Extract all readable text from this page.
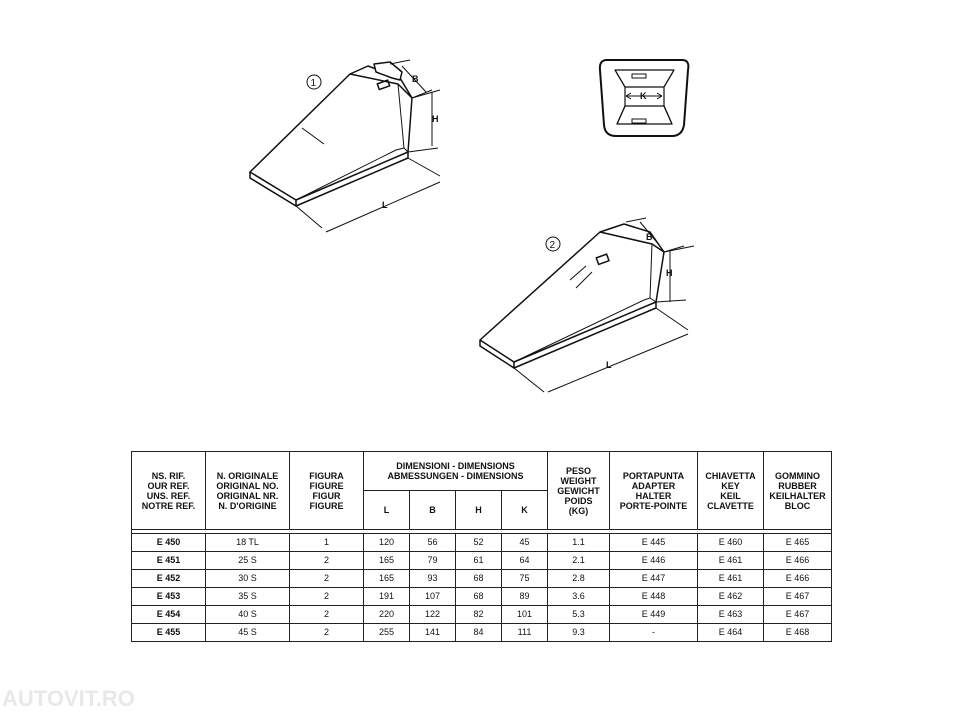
1
2
B
H
L
K
B
H
L
NS. RIF.
OUR REF.
UNS. REF.
NOTRE REF.	N. ORIGINALE
ORIGINAL NO.
ORIGINAL NR.
N. D'ORIGINE	FIGURA
FIGURE
FIGUR
FIGURE	DIMENSIONI - DIMENSIONS
ABMESSUNGEN - DIMENSIONS				PESO
WEIGHT
GEWICHT
POIDS
(KG)	PORTAPUNTA
ADAPTER
HALTER
PORTE-POINTE	CHIAVETTA
KEY
KEIL
CLAVETTE	GOMMINO
RUBBER
KEILHALTER
BLOC
			L	B	H	K				

E 450	18 TL	1	120	56	52	45	1.1	E 445	E 460	E 465
E 451	25 S	2	165	79	61	64	2.1	E 446	E 461	E 466
E 452	30 S	2	165	93	68	75	2.8	E 447	E 461	E 466
E 453	35 S	2	191	107	68	89	3.6	E 448	E 462	E 467
E 454	40 S	2	220	122	82	101	5.3	E 449	E 463	E 467
E 455	45 S	2	255	141	84	111	9.3	-	E 464	E 468
AUTOVIT.RO
